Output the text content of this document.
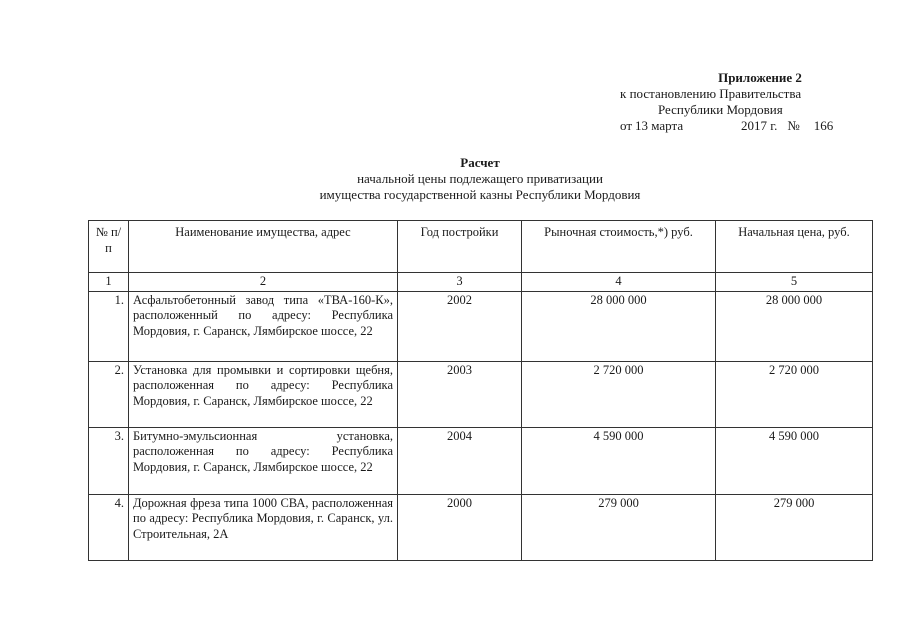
Приложение 2
к постановлению Правительства
Республики Мордовия
от 13 марта	2017 г. № 166
Расчет
начальной цены подлежащего приватизации
имущества государственной казны Республики Мордовия
№ п/п	Наименование имущества, адрес	Год постройки	Рыночная стоимость,*) руб.	Начальная цена, руб.
1	2	3	4	5
1.	Асфальтобетонный завод типа «ТВА-160-К», расположенный по адресу: Республика Мордовия, г. Саранск, Лямбирское шоссе, 22	2002	28 000 000	28 000 000
2.	Установка для промывки и сортировки щебня, расположенная по адресу: Республика Мордовия, г. Саранск, Лямбирское шоссе, 22	2003	2 720 000	2 720 000
3.	Битумно-эмульсионная установка, расположенная по адресу: Республика Мордовия, г. Саранск, Лямбирское шоссе, 22	2004	4 590 000	4 590 000
4.	Дорожная фреза типа 1000 СВА, расположенная по адресу: Республика Мордовия, г. Саранск, ул. Строительная, 2А	2000	279 000	279 000
